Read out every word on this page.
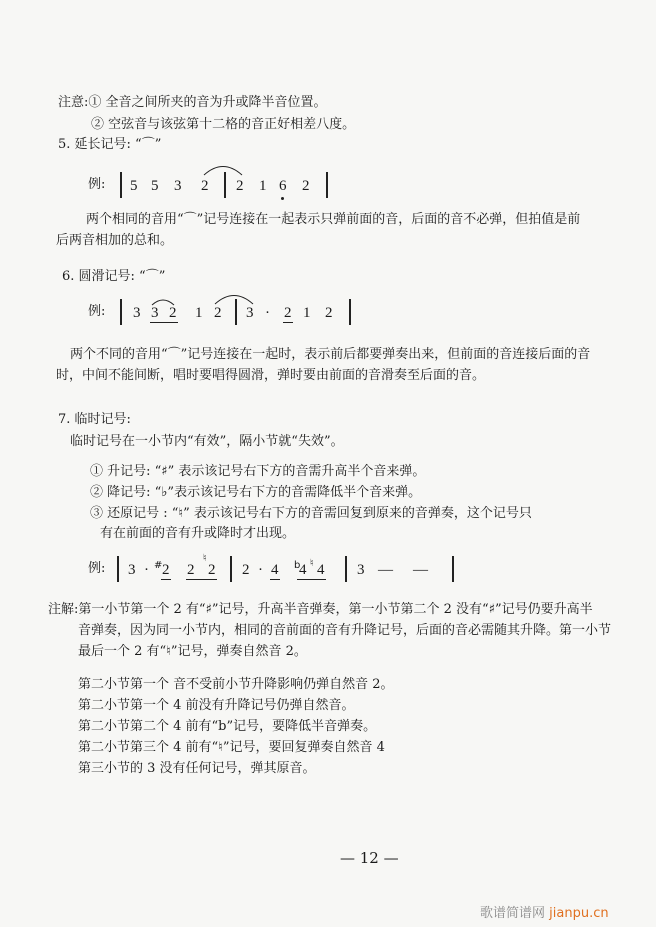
注意:① 全音之间所夹的音为升或降半音位置。
② 空弦音与该弦第十二格的音正好相差八度。
5. 延长记号: “⌒”
例: 5 5 3 2 2 1 6 2
两个相同的音用“⌒”记号连接在一起表示只弹前面的音，后面的音不必弹，但拍值是前
后两音相加的总和。
6. 圆滑记号: “⌒”
例: 3 3 2 1 2 3 · 2 1 2
两个不同的音用“⌒”记号连接在一起时，表示前后都要弹奏出来，但前面的音连接后面的音
时，中间不能间断，唱时要唱得圆滑，弹时要由前面的音滑奏至后面的音。
7. 临时记号:
临时记号在一小节内“有效”，隔小节就“失效”。
① 升记号: “♯” 表示该记号右下方的音需升高半个音来弹。
② 降记号: “♭”表示该记号右下方的音需降低半个音来弹。
③ 还原记号 : “♮” 表示该记号右下方的音需回复到原来的音弹奏，这个记号只
有在前面的音有升或降时才出现。
例: 3 · # 2 2
♮
2 2 · 4 b
4 ♮ 4 3 — —
注解:第一小节第一个 2 有“♯”记号，升高半音弹奏，第一小节第二个 2 没有“♯”记号仍要升高半
音弹奏，因为同一小节内，相同的音前面的音有升降记号，后面的音必需随其升降。第一小节
最后一个 2 有“♮”记号，弹奏自然音 2。
第二小节第一个 音不受前小节升降影响仍弹自然音 2。
第二小节第一个 4 前没有升降记号仍弹自然音。
第二小节第二个 4 前有“b”记号，要降低半音弹奏。
第二小节第三个 4 前有“♮”记号，要回复弹奏自然音 4
第三小节的 3 没有任何记号，弹其原音。
— 12 —
歌谱简谱网 jianpu.cn
